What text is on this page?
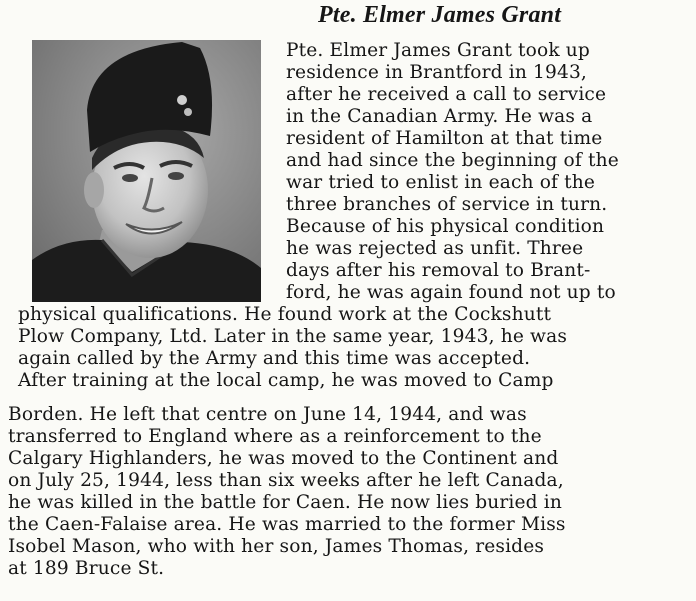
Pte. Elmer James Grant
Pte. Elmer James Grant took up
residence in Brantford in 1943,
after he received a call to service
in the Canadian Army. He was a
resident of Hamilton at that time
and had since the beginning of the
war tried to enlist in each of the
three branches of service in turn.
Because of his physical condition
he was rejected as unfit. Three
days after his removal to Brant-
ford, he was again found not up to
physical qualifications. He found work at the Cockshutt
Plow Company, Ltd. Later in the same year, 1943, he was
again called by the Army and this time was accepted.
After training at the local camp, he was moved to Camp
Borden. He left that centre on June 14, 1944, and was
transferred to England where as a reinforcement to the
Calgary Highlanders, he was moved to the Continent and
on July 25, 1944, less than six weeks after he left Canada,
he was killed in the battle for Caen. He now lies buried in
the Caen-Falaise area. He was married to the former Miss
Isobel Mason, who with her son, James Thomas, resides
at 189 Bruce St.
